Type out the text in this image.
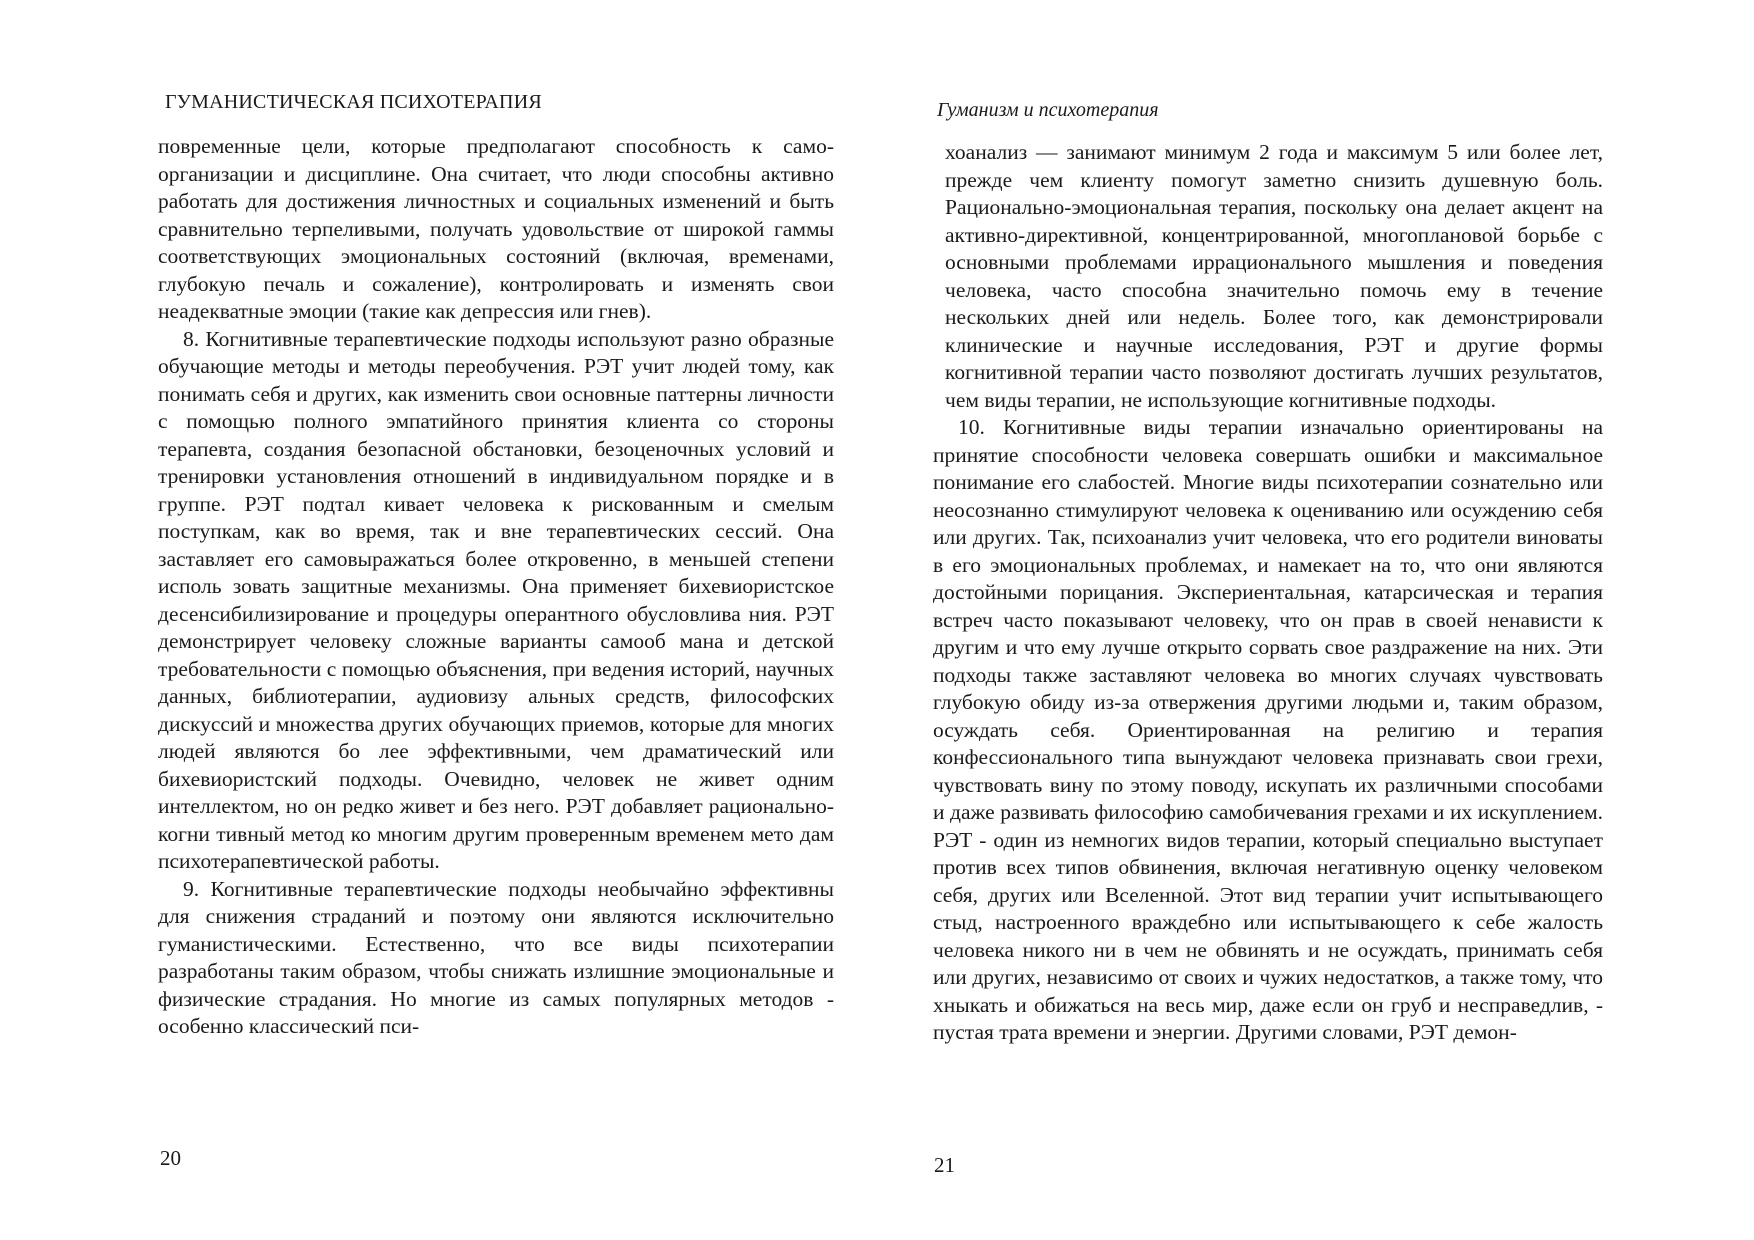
ГУМАНИСТИЧЕСКАЯ ПСИХОТЕРАПИЯ

повременные цели, которые предполагают способность к самоорганизации и дисциплине. Она считает, что люди способны активно работать для достижения личностных и социальных изменений и быть сравнительно терпеливыми, получать удовольствие от широкой гаммы соответствующих эмоциональных состояний (включая, временами, глубокую печаль и сожаление), контролировать и изменять свои неадекватные эмоции (такие как депрессия или гнев).

8. Когнитивные терапевтические подходы используют разно образные обучающие методы и методы переобучения. РЭТ учит людей тому, как понимать себя и других, как изменить свои основные паттерны личности с помощью полного эмпатийного принятия клиента со стороны терапевта, создания безопасной обстановки, безоценочных условий и тренировки установления отношений в индивидуальном порядке и в группе. РЭТ подтал кивает человека к рискованным и смелым поступкам, как во время, так и вне терапевтических сессий. Она заставляет его самовыражаться более откровенно, в меньшей степени исполь зовать защитные механизмы. Она применяет бихевиористское десенсибилизирование и процедуры оперантного обусловлива ния. РЭТ демонстрирует человеку сложные варианты самооб мана и детской требовательности с помощью объяснения, при ведения историй, научных данных, библиотерапии, аудиовизу альных средств, философских дискуссий и множества других обучающих приемов, которые для многих людей являются бо лее эффективными, чем драматический или бихевиористский подходы. Очевидно, человек не живет одним интеллектом, но он редко живет и без него. РЭТ добавляет рационально-когни тивный метод ко многим другим проверенным временем мето дам психотерапевтической работы.

9. Когнитивные терапевтические подходы необычайно эффективны для снижения страданий и поэтому они являются исключительно гуманистическими. Естественно, что все виды психотерапии разработаны таким образом, чтобы снижать излишние эмоциональные и физические страдания. Но многие из самых популярных методов - особенно классический пси-

20
Гуманизм и психотерапия

хоанализ — занимают минимум 2 года и максимум 5 или более лет, прежде чем клиенту помогут заметно снизить душевную боль. Рационально-эмоциональная терапия, поскольку она делает акцент на активно-директивной, концентрированной, многоплановой борьбе с основными проблемами иррационального мышления и поведения человека, часто способна значительно помочь ему в течение нескольких дней или недель. Более того, как демонстрировали клинические и научные исследования, РЭТ и другие формы когнитивной терапии часто позволяют достигать лучших результатов, чем виды терапии, не использующие когнитивные подходы.

10. Когнитивные виды терапии изначально ориентированы на принятие способности человека совершать ошибки и максимальное понимание его слабостей. Многие виды психотерапии сознательно или неосознанно стимулируют человека к оцениванию или осуждению себя или других. Так, психоанализ учит человека, что его родители виноваты в его эмоциональных проблемах, и намекает на то, что они являются достойными порицания. Экспериентальная, катарсическая и терапия встреч часто показывают человеку, что он прав в своей ненависти к другим и что ему лучше открыто сорвать свое раздражение на них. Эти подходы также заставляют человека во многих случаях чувствовать глубокую обиду из-за отвержения другими людьми и, таким образом, осуждать себя. Ориентированная на религию и терапия конфессионального типа вынуждают человека признавать свои грехи, чувствовать вину по этому поводу, искупать их различными способами и даже развивать философию самобичевания грехами и их искуплением. РЭТ - один из немногих видов терапии, который специально выступает против всех типов обвинения, включая негативную оценку человеком себя, других или Вселенной. Этот вид терапии учит испытывающего стыд, настроенного враждебно или испытывающего к себе жалость человека никого ни в чем не обвинять и не осуждать, принимать себя или других, независимо от своих и чужих недостатков, а также тому, что хныкать и обижаться на весь мир, даже если он груб и несправедлив, - пустая трата времени и энергии. Другими словами, РЭТ демон-

21
